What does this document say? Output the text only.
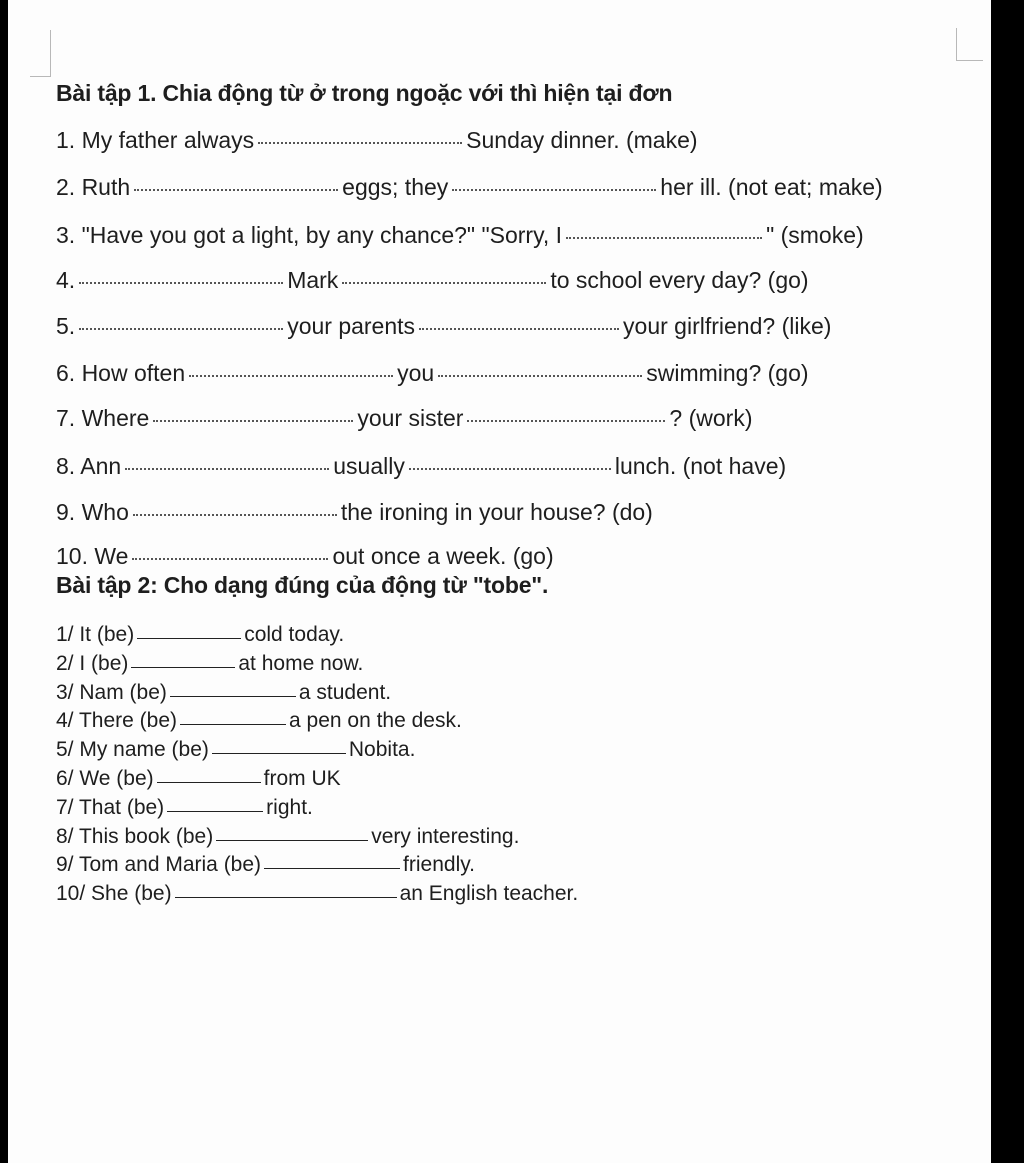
Bài tập 1. Chia động từ ở trong ngoặc với thì hiện tại đơn
1. My father always	Sunday dinner. (make)
2. Ruth	eggs; they	her ill. (not eat; make)
3. "Have you got a light, by any chance?" "Sorry, I	" (smoke)
4.	Mark	to school every day? (go)
5.	your parents	your girlfriend? (like)
6. How often	you	swimming? (go)
7. Where	your sister	? (work)
8. Ann	usually	lunch. (not have)
9. Who	the ironing in your house? (do)
10. We	out once a week. (go)
Bài tập 2: Cho dạng đúng của động từ "tobe".
1/ It (be)	cold today.
2/ I (be)	at home now.
3/ Nam (be)	a student.
4/ There (be)	a pen on the desk.
5/ My name (be)	Nobita.
6/ We (be)	from UK
7/ That (be)	right.
8/ This book (be)	very interesting.
9/ Tom and Maria (be)	friendly.
10/ She (be)	an English teacher.
